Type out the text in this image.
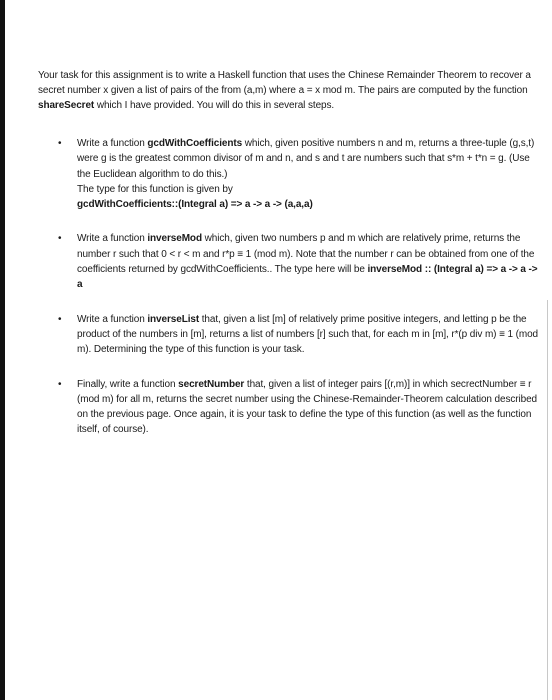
Your task for this assignment is to write a Haskell function that uses the Chinese Remainder Theorem to recover a secret number x given a list of pairs of the from (a,m) where a = x mod m. The pairs are computed by the function shareSecret which I have provided. You will do this in several steps.

• Write a function gcdWithCoefficients which, given positive numbers n and m, returns a three-tuple (g,s,t) were g is the greatest common divisor of m and n, and s and t are numbers such that s*m + t*n = g. (Use the Euclidean algorithm to do this.)

The type for this function is given by

gcdWithCoefficients::(Integral a) => a -> a -> (a,a,a)

• Write a function inverseMod which, given two numbers p and m which are relatively prime, returns the number r such that 0 < r < m and r*p ≡ 1 (mod m). Note that the number r can be obtained from one of the coefficients returned by gcdWithCoefficients.. The type here will be inverseMod :: (Integral a) => a -> a -> a

• Write a function inverseList that, given a list [m] of relatively prime positive integers, and letting p be the product of the numbers in [m], returns a list of numbers [r] such that, for each m in [m], r*(p div m) ≡ 1 (mod m). Determining the type of this function is your task.

• Finally, write a function secretNumber that, given a list of integer pairs [(r,m)] in which secrectNumber ≡ r (mod m) for all m, returns the secret number using the Chinese-Remainder-Theorem calculation described on the previous page. Once again, it is your task to define the type of this function (as well as the function itself, of course).
